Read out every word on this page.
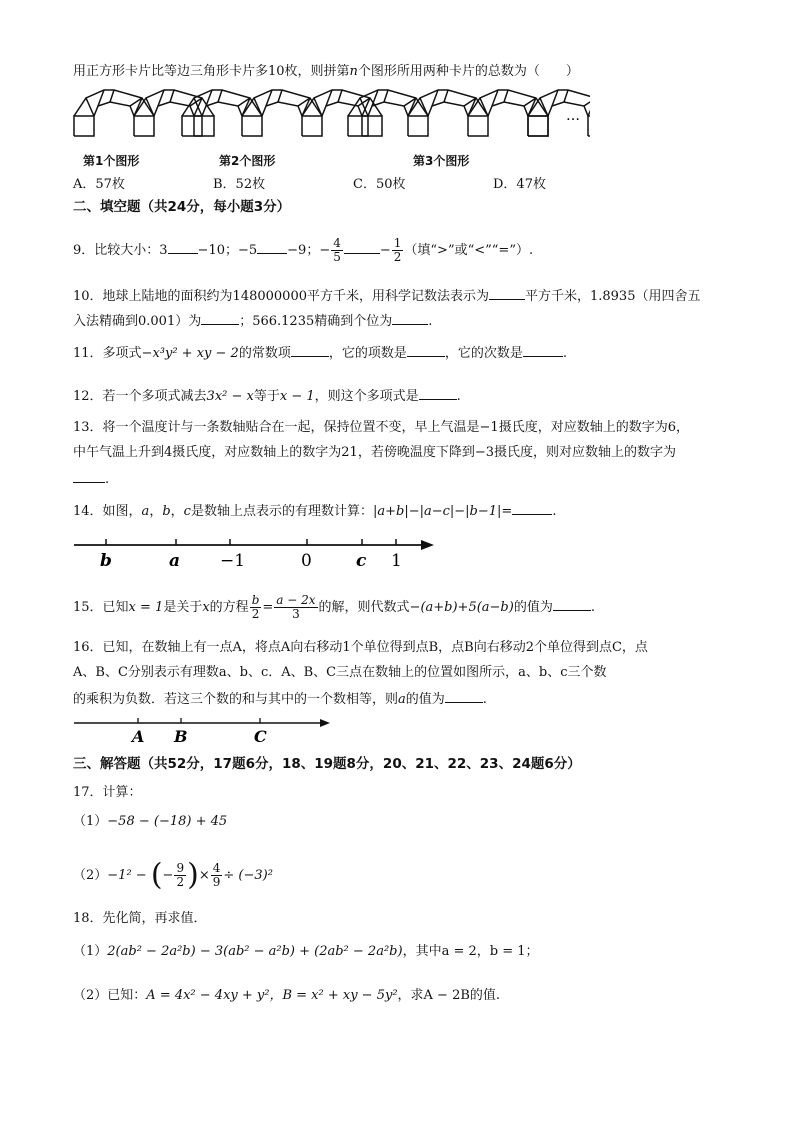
用正方形卡片比等边三角形卡片多10枚，则拼第n个图形所用两种卡片的总数为（　　）
…
第1个图形	第2个图形	第3个图形
A．57枚	B．52枚	C．50枚	D．47枚
二、填空题（共24分，每小题3分）
9．比较大小：3 −10；−5 −9；− $\frac{4}{5}$	− $\frac{1}{2}$ （填“>”或“<”“=”）.
10．地球上陆地的面积约为148000000平方千米，用科学记数法表示为	平方千米，1.8935（用四舍五
入法精确到0.001）为	；566.1235精确到个位为	.
11．多项式−x³y² + xy − 2的常数项	，它的项数是	，它的次数是	.
12．若一个多项式减去3x² − x等于x − 1，则这个多项式是	.
13．将一个温度计与一条数轴贴合在一起，保持位置不变，早上气温是−1摄氏度，对应数轴上的数字为6，
中午气温上升到4摄氏度，对应数轴上的数字为21，若傍晚温度下降到−3摄氏度，则对应数轴上的数字为
.
14．如图，a，b，c是数轴上点表示的有理数计算：|a+b|−|a−c|−|b−1|=	.
b	a −1	0	c 1
15．已知x = 1是关于x的方程 $\frac{b}{2} = \frac{a - 2x}{3}$ 的解，则代数式−(a+b)+5(a−b)的值为	.
16．已知，在数轴上有一点A，将点A向右移动1个单位得到点B，点B向右移动2个单位得到点C，点
A、B、C分别表示有理数a、b、c．A、B、C三点在数轴上的位置如图所示，a、b、c三个数
的乘积为负数．若这三个数的和与其中的一个数相等，则a的值为	.
A B	C
三、解答题（共52分，17题6分，18、19题8分，20、21、22、23、24题6分）
17．计算：
（1）−58 − (−18) + 45
（2）−1² − (− $\frac{9}{2}$ )× $\frac{4}{9} \div (-3)^2$
18．先化简，再求值．
（1）2(ab² − 2a²b) − 3(ab² − a²b) + (2ab² − 2a²b)，其中a = 2，b = 1；
（2）已知：A = 4x² − 4xy + y²，B = x² + xy − 5y²，求A − 2B的值.
